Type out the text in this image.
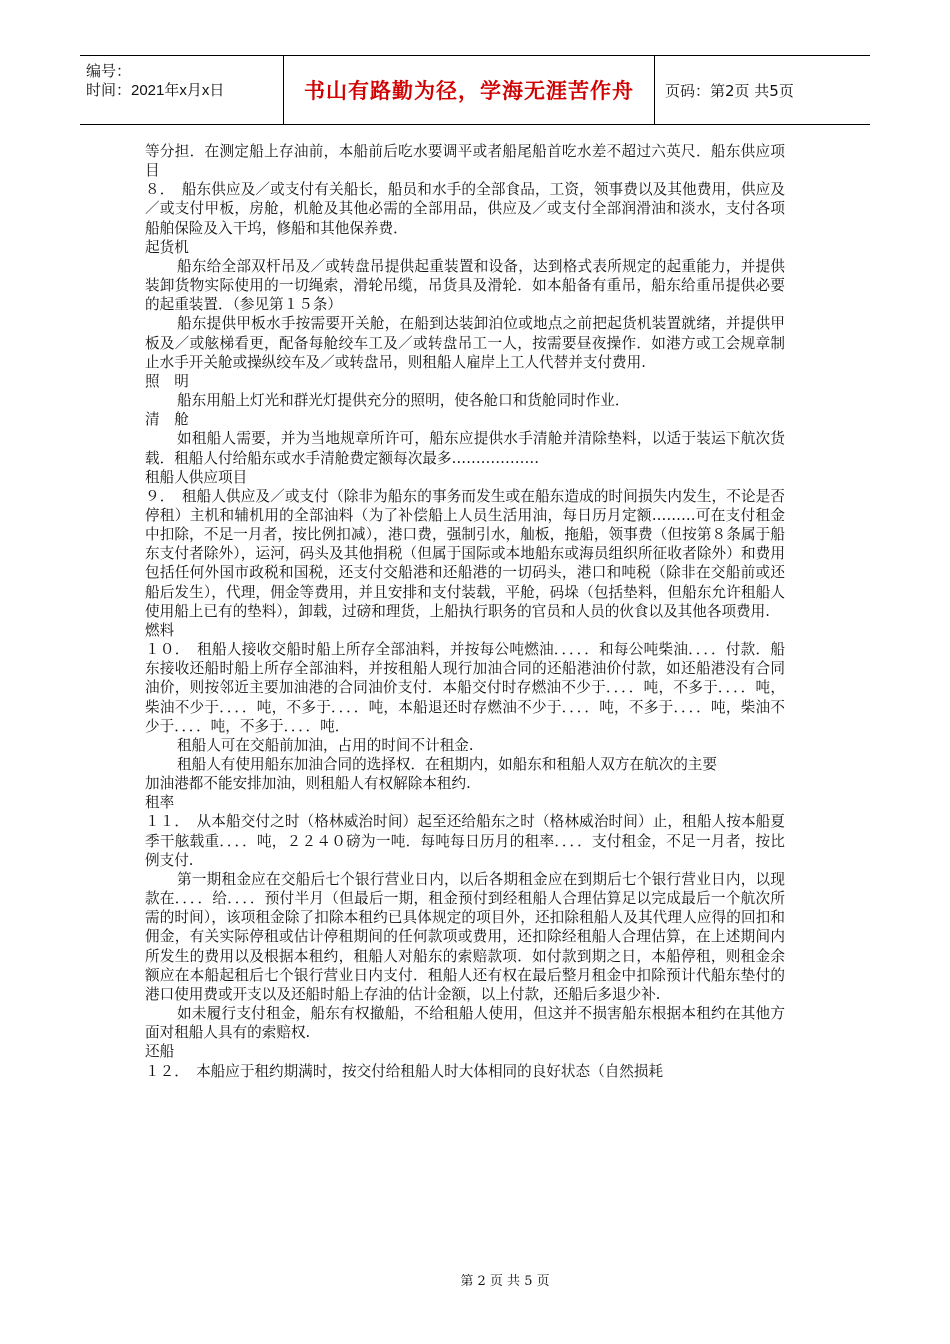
编号：
时间：2021年x月x日	书山有路勤为径，学海无涯苦作舟	页码：第2页 共5页

等分担．在测定船上存油前，本船前后吃水要调平或者船尾船首吃水差不超过六英尺．船东供应项目

８．　船东供应及／或支付有关船长，船员和水手的全部食品，工资，领事费以及其他费用，供应及／或支付甲板，房舱，机舱及其他必需的全部用品，供应及／或支付全部润滑油和淡水，支付各项船舶保险及入干坞，修船和其他保养费．

起货机

船东给全部双杆吊及／或转盘吊提供起重装置和设备，达到格式表所规定的起重能力，并提供装卸货物实际使用的一切绳索，滑轮吊缆，吊货具及滑轮．如本船备有重吊，船东给重吊提供必要的起重装置．（参见第１５条）

船东提供甲板水手按需要开关舱，在船到达装卸泊位或地点之前把起货机装置就绪，并提供甲板及／或舷梯看更，配备每舱绞车工及／或转盘吊工一人，按需要昼夜操作．如港方或工会规章制止水手开关舱或操纵绞车及／或转盘吊，则租船人雇岸上工人代替并支付费用.

照　明

船东用船上灯光和群光灯提供充分的照明，使各舱口和货舱同时作业．

清　舱

如租船人需要，并为当地规章所许可，船东应提供水手清舱并清除垫料，以适于装运下航次货载．租船人付给船东或水手清舱费定额每次最多………………

租船人供应项目

９．　租船人供应及／或支付（除非为船东的事务而发生或在船东造成的时间损失内发生，不论是否停租）主机和辅机用的全部油料（为了补偿船上人员生活用油，每日历月定额………可在支付租金中扣除，不足一月者，按比例扣减），港口费，强制引水，舢板，拖船，领事费（但按第８条属于船东支付者除外），运河，码头及其他捐税（但属于国际或本地船东或海员组织所征收者除外）和费用包括任何外国市政税和国税，还支付交船港和还船港的一切码头，港口和吨税（除非在交船前或还船后发生），代理，佣金等费用，并且安排和支付装载，平舱，码垛（包括垫料，但船东允许租船人使用船上已有的垫料），卸载，过磅和理货，上船执行职务的官员和人员的伙食以及其他各项费用.

燃料

１０．　租船人接收交船时船上所存全部油料，并按每公吨燃油．．．．．和每公吨柴油．．．．付款．船东接收还船时船上所存全部油料，并按租船人现行加油合同的还船港油价付款，如还船港没有合同油价，则按邻近主要加油港的合同油价支付．本船交付时存燃油不少于．．．．吨，不多于．．．．吨，柴油不少于．．．．吨，不多于．．．．吨，本船退还时存燃油不少于．．．．吨，不多于．．．．吨，柴油不少于．．．．吨，不多于．．．．吨．

租船人可在交船前加油，占用的时间不计租金.

租船人有使用船东加油合同的选择权．在租期内，如船东和租船人双方在航次的主要

加油港都不能安排加油，则租船人有权解除本租约.

租率

１１．　从本船交付之时（格林威治时间）起至还给船东之时（格林威治时间）止，租船人按本船夏季干舷载重．．．．吨，２２４０磅为一吨．每吨每日历月的租率．．．．支付租金，不足一月者，按比例支付.

第一期租金应在交船后七个银行营业日内，以后各期租金应在到期后七个银行营业日内，以现款在．．．．给．．．．预付半月（但最后一期，租金预付到经租船人合理估算足以完成最后一个航次所需的时间），该项租金除了扣除本租约已具体规定的项目外，还扣除租船人及其代理人应得的回扣和佣金，有关实际停租或估计停租期间的任何款项或费用，还扣除经租船人合理估算，在上述期间内所发生的费用以及根据本租约，租船人对船东的索赔款项．如付款到期之日，本船停租，则租金余额应在本船起租后七个银行营业日内支付．租船人还有权在最后整月租金中扣除预计代船东垫付的港口使用费或开支以及还船时船上存油的估计金额，以上付款，还船后多退少补.

如未履行支付租金，船东有权撤船，不给租船人使用，但这并不损害船东根据本租约在其他方面对租船人具有的索赔权.

还船

１２．　本船应于租约期满时，按交付给租船人时大体相同的良好状态（自然损耗

第 2 页 共 5 页
